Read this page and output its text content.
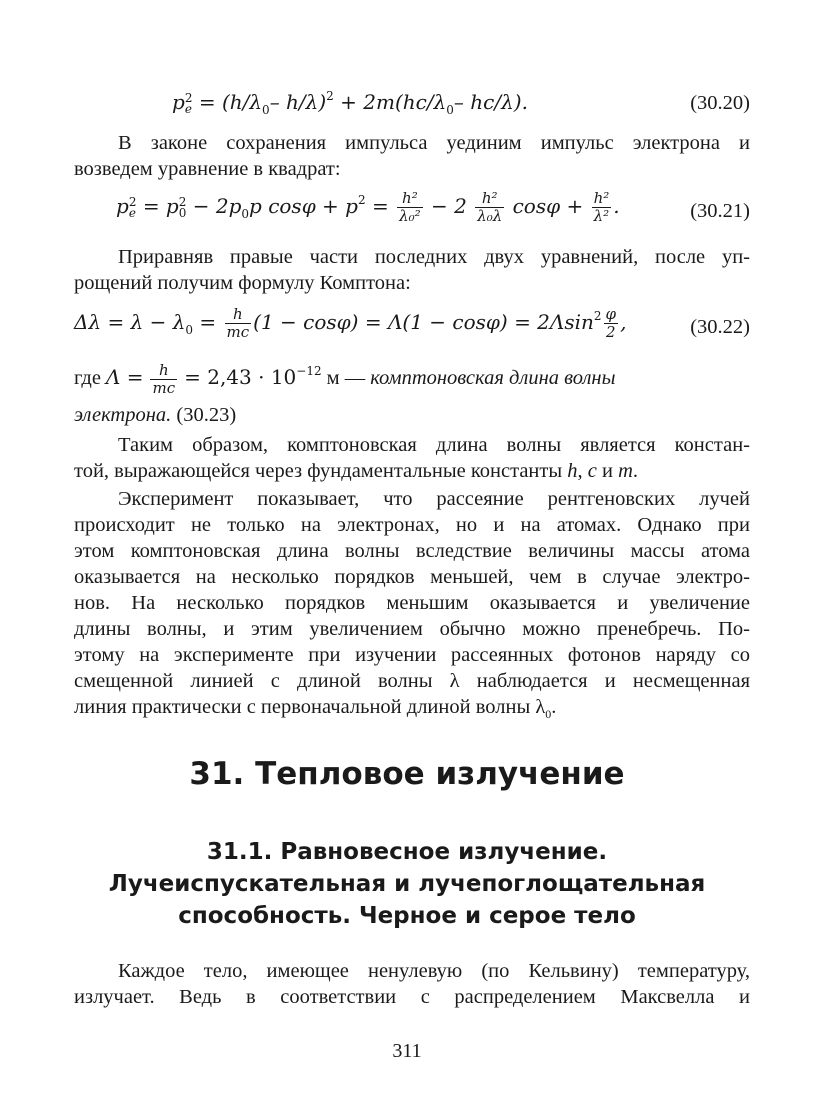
p 2
$e = (h/\lambda_0-$ $h/\lambda)^2 + 2m(hc/\lambda_0-$ hc/λ).	(30.20)
В законе сохранения импульса уединим импульс электрона и
возведем уравнение в квадрат:
p 2
e = p 2
$0 - 2p_0p$ $\cos\varphi + p^2 = \frac{\text{h²}}{\text{λ₀²}} - 2 \frac{\text{h²}}{\text{λ₀λ}}$ $\cos\varphi + \frac{\text{h²}}{\text{λ²}}$ .	(30.21)
Приравняв правые части последних двух уравнений, после уп-
рощений получим формулу Комптона:
$\Delta\lambda = \lambda - \lambda_0 = \frac{h}{mc} (1 - \cos\varphi) = \Lambda(1 - \cos\varphi) = 2\Lambda\sin^2 \frac{\varphi}{2}$ ,	(30.22)
где $\Lambda = \frac{h}{mc} = 2,43 \cdot 10^{-12}$ м — комптоновская длина волны
электрона. (30.23)
Таким образом, комптоновская длина волны является констан-
той, выражающейся через фундаментальные константы h, c и m.
Эксперимент показывает, что рассеяние рентгеновских лучей
происходит не только на электронах, но и на атомах. Однако при
этом комптоновская длина волны вследствие величины массы атома
оказывается на несколько порядков меньшей, чем в случае электро-
нов. На несколько порядков меньшим оказывается и увеличение
длины волны, и этим увеличением обычно можно пренебречь. По-
этому на эксперименте при изучении рассеянных фотонов наряду со
смещенной линией с длиной волны λ наблюдается и несмещенная
линия практически с первоначальной длиной волны $\lambda_0$.
31. Тепловое излучение
31.1. Равновесное излучение.
Лучеиспускательная и лучепоглощательная
способность. Черное и серое тело
Каждое тело, имеющее ненулевую (по Кельвину) температуру,
излучает. Ведь в соответствии с распределением Максвелла и
311
